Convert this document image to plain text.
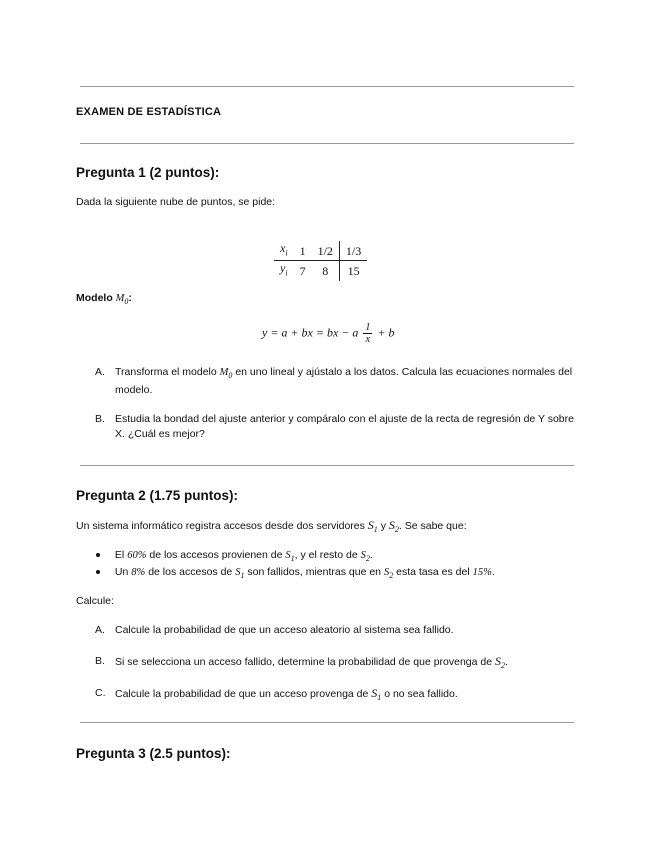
EXAMEN DE ESTADÍSTICA
Pregunta 1 (2 puntos):
Dada la siguiente nube de puntos, se pide:
$x_i$	1	1/2	1/3
$y_i$	7	8	15
Modelo $M_0$:
y = a + bx = bx − a $\frac{1}{x} + b$
A. Transforma el modelo $M_0$ en uno lineal y ajústalo a los datos. Calcula las ecuaciones normales del modelo.
B. Estudia la bondad del ajuste anterior y compáralo con el ajuste de la recta de regresión de Y sobre X. ¿Cuál es mejor?
Pregunta 2 (1.75 puntos):
Un sistema informático registra accesos desde dos servidores $S_1$ y $S_2$. Se sabe que:
El 60% de los accesos provienen de $S_1$, y el resto de $S_2$.
Un 8% de los accesos de $S_1$ son fallidos, mientras que en $S_2$ esta tasa es del 15%.
Calcule:
A. Calcule la probabilidad de que un acceso aleatorio al sistema sea fallido.
B. Si se selecciona un acceso fallido, determine la probabilidad de que provenga de $S_2$.
C. Calcule la probabilidad de que un acceso provenga de $S_1$ o no sea fallido.
Pregunta 3 (2.5 puntos):
